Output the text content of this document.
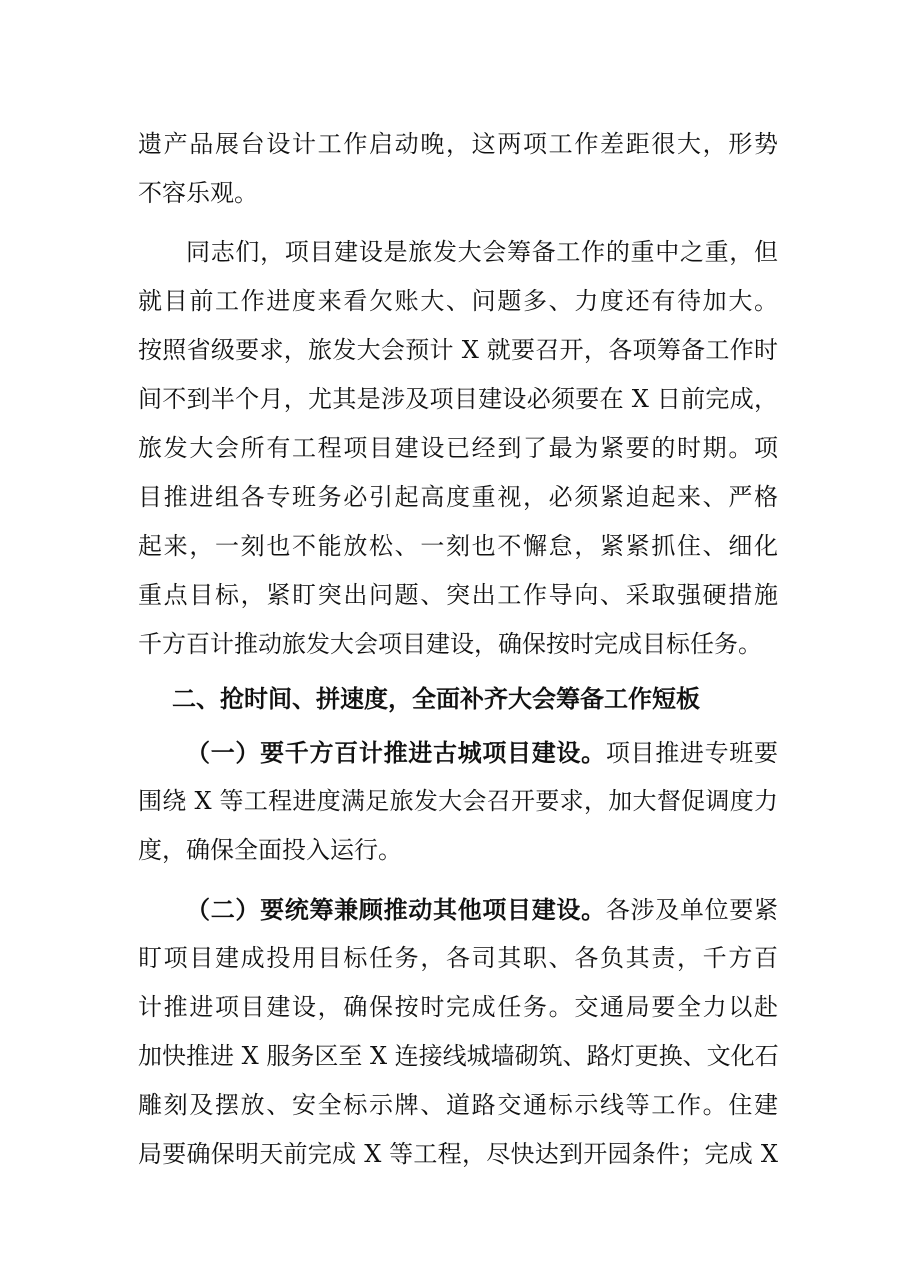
遗产品展台设计工作启动晚，这两项工作差距很大，形势
不容乐观。
同志们，项目建设是旅发大会筹备工作的重中之重，但
就目前工作进度来看欠账大、问题多、力度还有待加大。
按照省级要求，旅发大会预计 X 就要召开，各项筹备工作时
间不到半个月，尤其是涉及项目建设必须要在 X 日前完成，
旅发大会所有工程项目建设已经到了最为紧要的时期。项
目推进组各专班务必引起高度重视，必须紧迫起来、严格
起来，一刻也不能放松、一刻也不懈怠，紧紧抓住、细化
重点目标，紧盯突出问题、突出工作导向、采取强硬措施
千方百计推动旅发大会项目建设，确保按时完成目标任务。
二、抢时间、拼速度，全面补齐大会筹备工作短板
（一）要千方百计推进古城项目建设。项目推进专班要
围绕 X 等工程进度满足旅发大会召开要求，加大督促调度力
度，确保全面投入运行。
（二）要统筹兼顾推动其他项目建设。各涉及单位要紧
盯项目建成投用目标任务，各司其职、各负其责，千方百
计推进项目建设，确保按时完成任务。交通局要全力以赴
加快推进 X 服务区至 X 连接线城墙砌筑、路灯更换、文化石
雕刻及摆放、安全标示牌、道路交通标示线等工作。住建
局要确保明天前完成 X 等工程，尽快达到开园条件；完成 X
